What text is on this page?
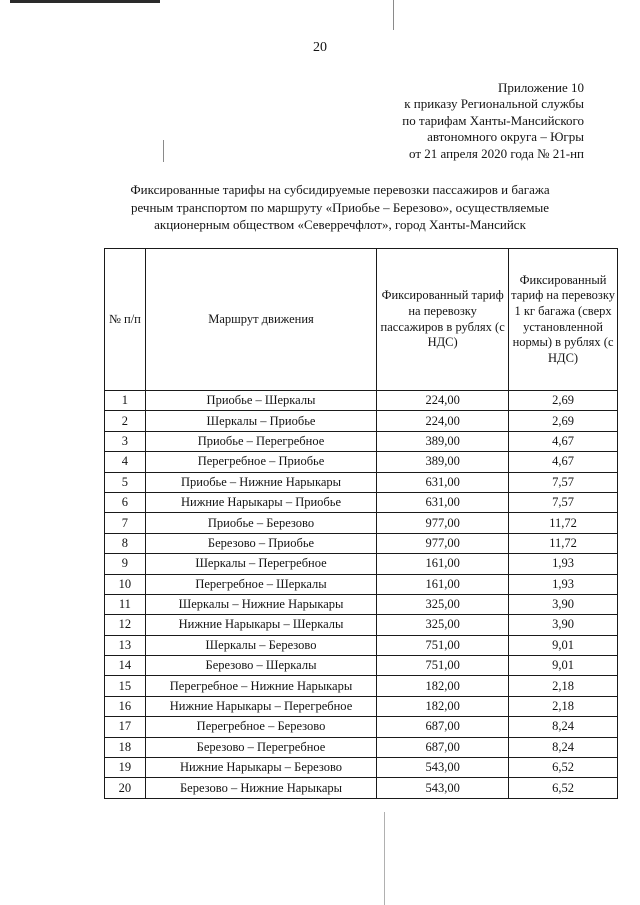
20
Приложение 10
к приказу Региональной службы
по тарифам Ханты-Мансийского
автономного округа – Югры
от 21 апреля 2020 года № 21-нп
Фиксированные тарифы на субсидируемые перевозки пассажиров и багажа
речным транспортом по маршруту «Приобье – Березово», осуществляемые
акционерным обществом «Северречфлот», город Ханты-Мансийск
№ п/п	Маршрут движения	Фиксированный тариф на перевозку пассажиров в рублях (с НДС)	Фиксированный тариф на перевозку 1 кг багажа (сверх установленной нормы) в рублях (с НДС)
1	Приобье – Шеркалы	224,00	2,69
2	Шеркалы – Приобье	224,00	2,69
3	Приобье – Перегребное	389,00	4,67
4	Перегребное – Приобье	389,00	4,67
5	Приобье – Нижние Нарыкары	631,00	7,57
6	Нижние Нарыкары – Приобье	631,00	7,57
7	Приобье – Березово	977,00	11,72
8	Березово – Приобье	977,00	11,72
9	Шеркалы – Перегребное	161,00	1,93
10	Перегребное – Шеркалы	161,00	1,93
11	Шеркалы – Нижние Нарыкары	325,00	3,90
12	Нижние Нарыкары – Шеркалы	325,00	3,90
13	Шеркалы – Березово	751,00	9,01
14	Березово – Шеркалы	751,00	9,01
15	Перегребное – Нижние Нарыкары	182,00	2,18
16	Нижние Нарыкары – Перегребное	182,00	2,18
17	Перегребное – Березово	687,00	8,24
18	Березово – Перегребное	687,00	8,24
19	Нижние Нарыкары – Березово	543,00	6,52
20	Березово – Нижние Нарыкары	543,00	6,52
